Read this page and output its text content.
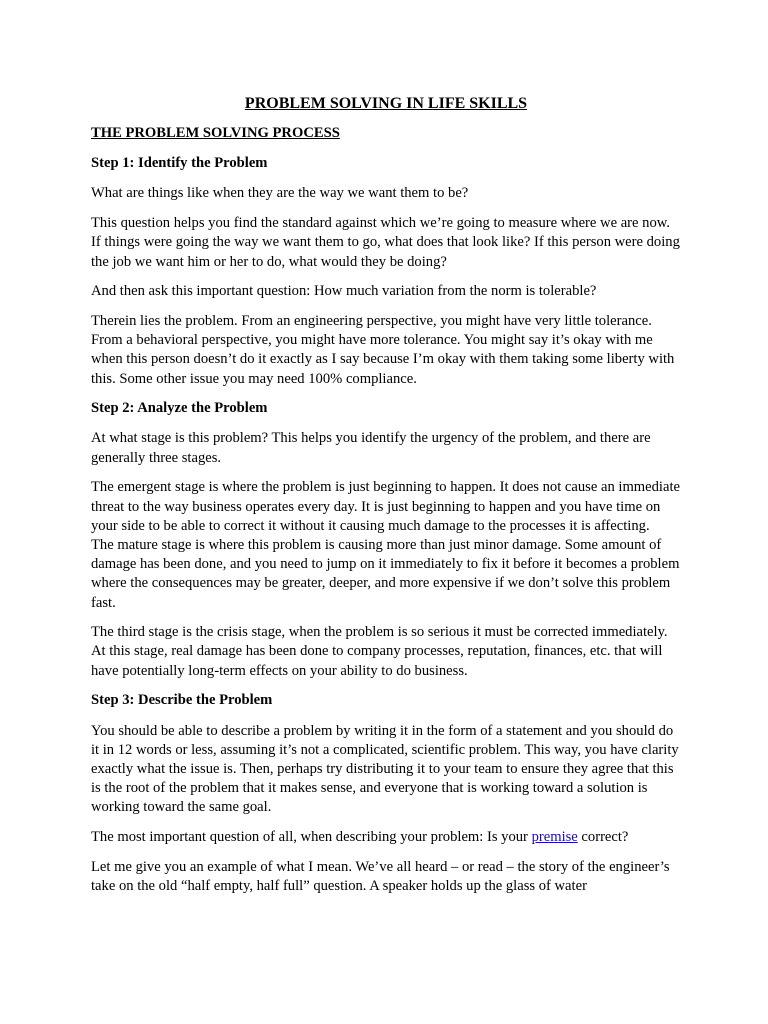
PROBLEM SOLVING IN LIFE SKILLS
THE PROBLEM SOLVING PROCESS
Step 1: Identify the Problem

What are things like when they are the way we want them to be?

This question helps you find the standard against which we’re going to measure where we are now. If things were going the way we want them to go, what does that look like? If this person were doing the job we want him or her to do, what would they be doing?

And then ask this important question: How much variation from the norm is tolerable?

Therein lies the problem. From an engineering perspective, you might have very little tolerance. From a behavioral perspective, you might have more tolerance. You might say it’s okay with me when this person doesn’t do it exactly as I say because I’m okay with them taking some liberty with this. Some other issue you may need 100% compliance.

Step 2: Analyze the Problem

At what stage is this problem? This helps you identify the urgency of the problem, and there are generally three stages.

The emergent stage is where the problem is just beginning to happen. It does not cause an immediate threat to the way business operates every day. It is just beginning to happen and you have time on your side to be able to correct it without it causing much damage to the processes it is affecting.

The mature stage is where this problem is causing more than just minor damage. Some amount of damage has been done, and you need to jump on it immediately to fix it before it becomes a problem where the consequences may be greater, deeper, and more expensive if we don’t solve this problem fast.

The third stage is the crisis stage, when the problem is so serious it must be corrected immediately. At this stage, real damage has been done to company processes, reputation, finances, etc. that will have potentially long-term effects on your ability to do business.

Step 3: Describe the Problem

You should be able to describe a problem by writing it in the form of a statement and you should do it in 12 words or less, assuming it’s not a complicated, scientific problem. This way, you have clarity exactly what the issue is. Then, perhaps try distributing it to your team to ensure they agree that this is the root of the problem that it makes sense, and everyone that is working toward a solution is working toward the same goal.

The most important question of all, when describing your problem: Is your premise correct?

Let me give you an example of what I mean. We’ve all heard – or read – the story of the engineer’s take on the old “half empty, half full” question. A speaker holds up the glass of water
